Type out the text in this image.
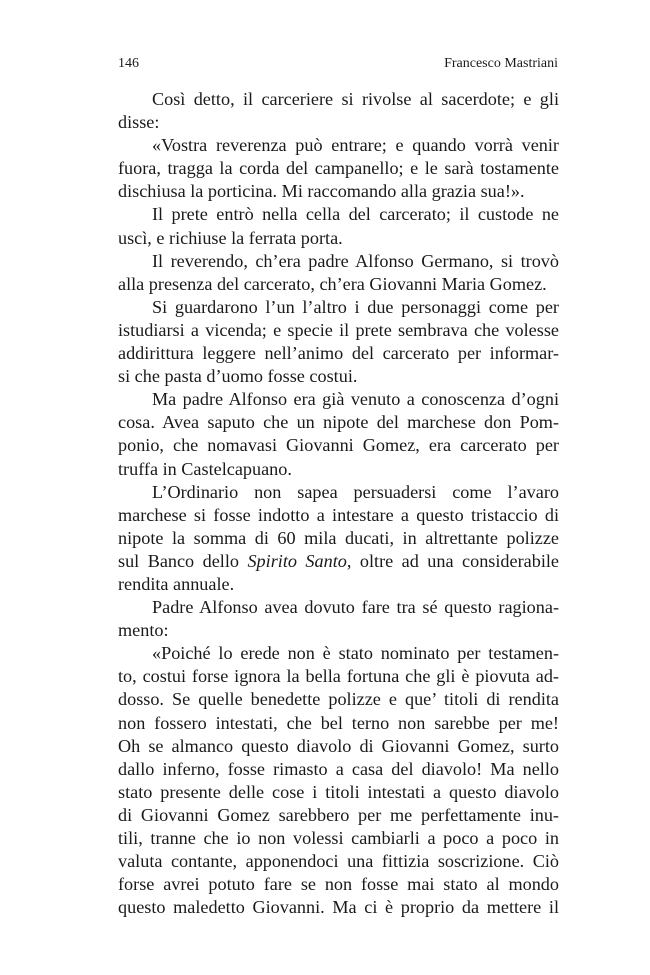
146	Francesco Mastriani
Così detto, il carceriere si rivolse al sacerdote; e gli
disse:
«Vostra reverenza può entrare; e quando vorrà venir
fuora, tragga la corda del campanello; e le sarà tostamente
dischiusa la porticina. Mi raccomando alla grazia sua!».
Il prete entrò nella cella del carcerato; il custode ne
uscì, e richiuse la ferrata porta.
Il reverendo, ch’era padre Alfonso Germano, si trovò
alla presenza del carcerato, ch’era Giovanni Maria Gomez.
Si guardarono l’un l’altro i due personaggi come per
istudiarsi a vicenda; e specie il prete sembrava che volesse
addirittura leggere nell’animo del carcerato per informar-
si che pasta d’uomo fosse costui.
Ma padre Alfonso era già venuto a conoscenza d’ogni
cosa. Avea saputo che un nipote del marchese don Pom-
ponio, che nomavasi Giovanni Gomez, era carcerato per
truffa in Castelcapuano.
L’Ordinario non sapea persuadersi come l’avaro
marchese si fosse indotto a intestare a questo tristaccio di
nipote la somma di 60 mila ducati, in altrettante polizze
sul Banco dello Spirito Santo, oltre ad una considerabile
rendita annuale.
Padre Alfonso avea dovuto fare tra sé questo ragiona-
mento:
«Poiché lo erede non è stato nominato per testamen-
to, costui forse ignora la bella fortuna che gli è piovuta ad-
dosso. Se quelle benedette polizze e que’ titoli di rendita
non fossero intestati, che bel terno non sarebbe per me!
Oh se almanco questo diavolo di Giovanni Gomez, surto
dallo inferno, fosse rimasto a casa del diavolo! Ma nello
stato presente delle cose i titoli intestati a questo diavolo
di Giovanni Gomez sarebbero per me perfettamente inu-
tili, tranne che io non volessi cambiarli a poco a poco in
valuta contante, apponendoci una fittizia soscrizione. Ciò
forse avrei potuto fare se non fosse mai stato al mondo
questo maledetto Giovanni. Ma ci è proprio da mettere il
